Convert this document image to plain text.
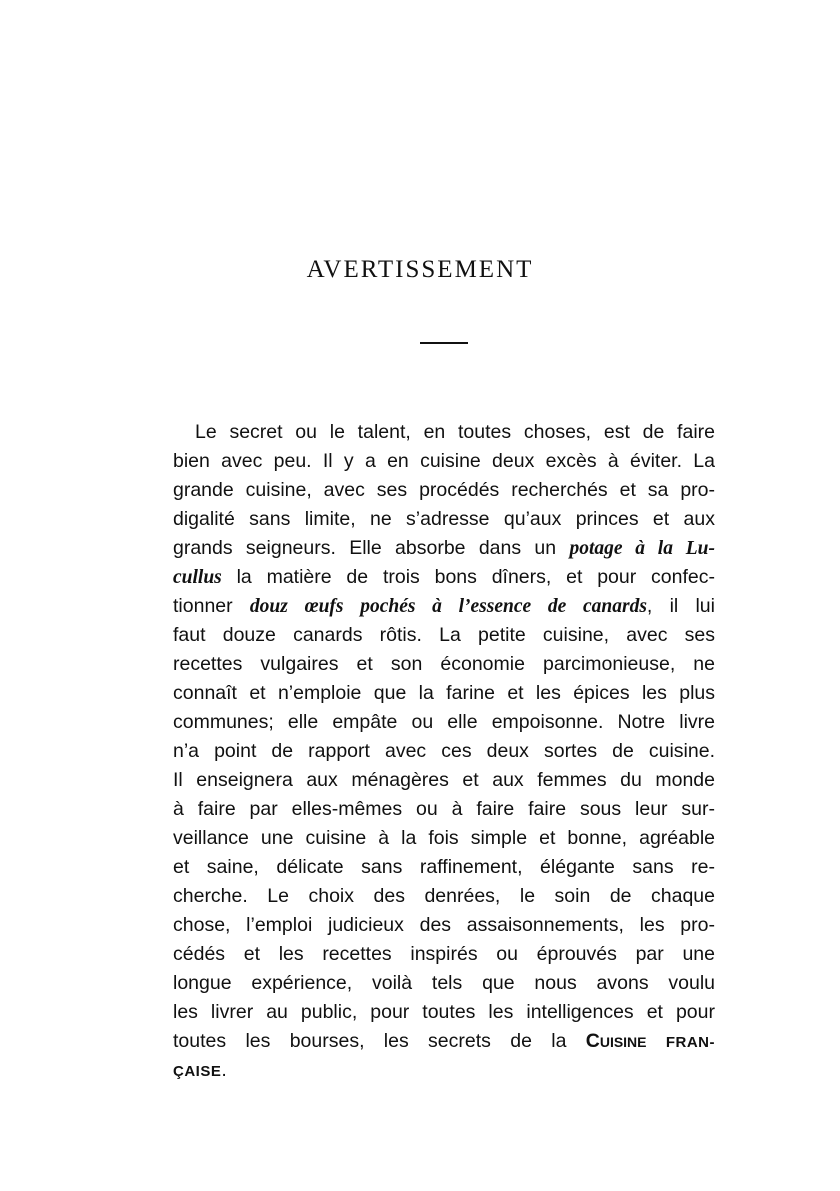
AVERTISSEMENT
Le secret ou le talent, en toutes choses, est de faire
bien avec peu. Il y a en cuisine deux excès à éviter. La
grande cuisine, avec ses procédés recherchés et sa pro-
digalité sans limite, ne s’adresse qu’aux princes et aux
grands seigneurs. Elle absorbe dans un potage à la Lu-
cullus la matière de trois bons dîners, et pour confec-
tionner douz œufs pochés à l’essence de canards, il lui
faut douze canards rôtis. La petite cuisine, avec ses
recettes vulgaires et son économie parcimonieuse, ne
connaît et n’emploie que la farine et les épices les plus
communes; elle empâte ou elle empoisonne. Notre livre
n’a point de rapport avec ces deux sortes de cuisine.
Il enseignera aux ménagères et aux femmes du monde
à faire par elles-mêmes ou à faire faire sous leur sur-
veillance une cuisine à la fois simple et bonne, agréable
et saine, délicate sans raffinement, élégante sans re-
cherche. Le choix des denrées, le soin de chaque
chose, l’emploi judicieux des assaisonnements, les pro-
cédés et les recettes inspirés ou éprouvés par une
longue expérience, voilà tels que nous avons voulu
les livrer au public, pour toutes les intelligences et pour
toutes les bourses, les secrets de la Cuisine FRAN-
ÇAISE.
